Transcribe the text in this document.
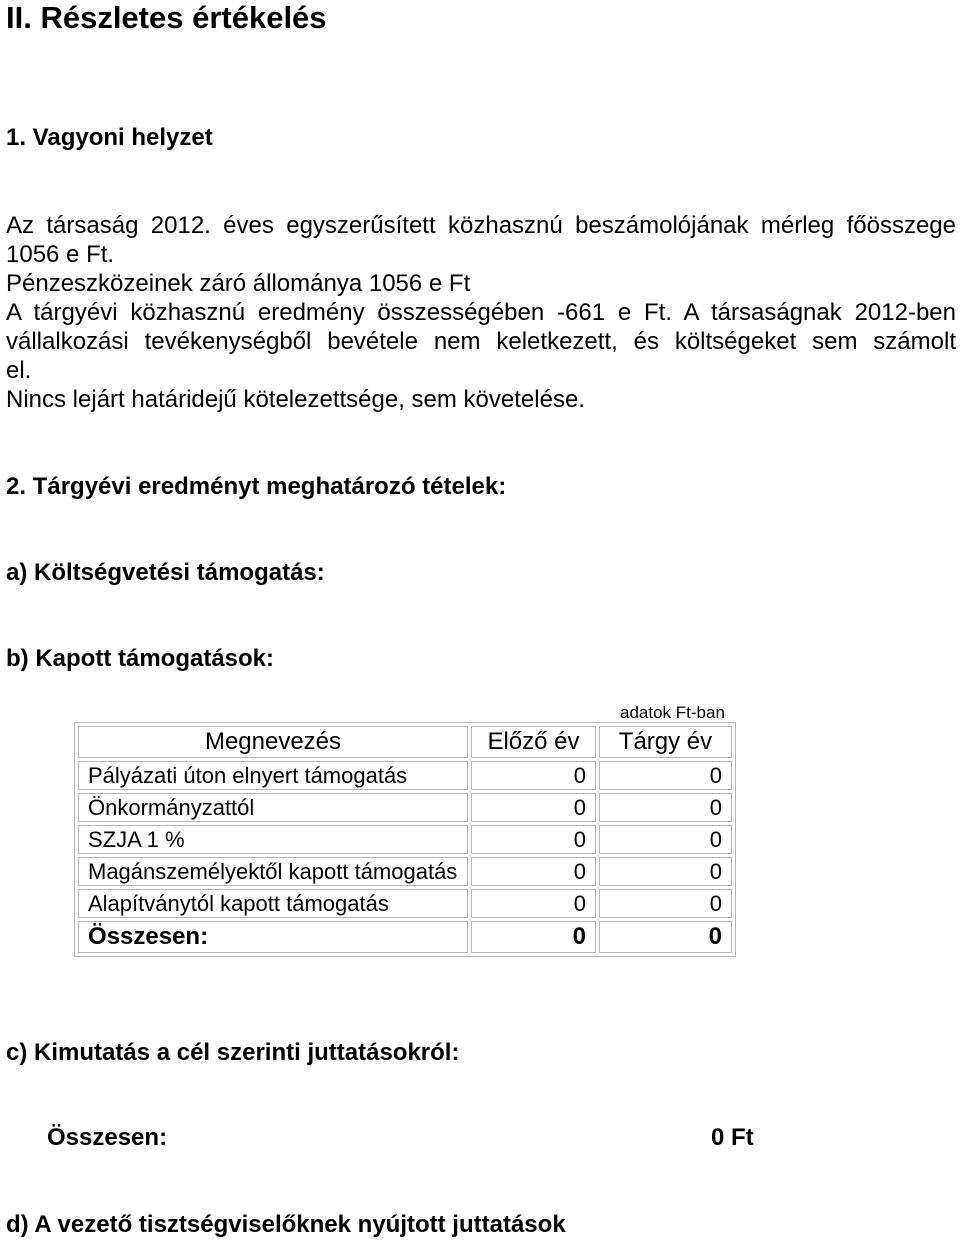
II. Részletes értékelés
1. Vagyoni helyzet
Az társaság 2012. éves egyszerűsített közhasznú beszámolójának mérleg főösszege
1056 e Ft.
Pénzeszközeinek záró állománya 1056 e Ft
A tárgyévi közhasznú eredmény összességében -661 e Ft. A társaságnak 2012-ben
vállalkozási tevékenységből bevétele nem keletkezett, és költségeket sem számolt
el.
Nincs lejárt határidejű kötelezettsége, sem követelése.
2. Tárgyévi eredményt meghatározó tételek:
a) Költségvetési támogatás:
b) Kapott támogatások:
adatok Ft-ban
Megnevezés	Előző év	Tárgy év
Pályázati úton elnyert támogatás	0	0
Önkormányzattól	0	0
SZJA 1 %	0	0
Magánszemélyektől kapott támogatás	0	0
Alapítványtól kapott támogatás	0	0
Összesen:	0	0
c) Kimutatás a cél szerinti juttatásokról:
Összesen:	0 Ft
d) A vezető tisztségviselőknek nyújtott juttatások
